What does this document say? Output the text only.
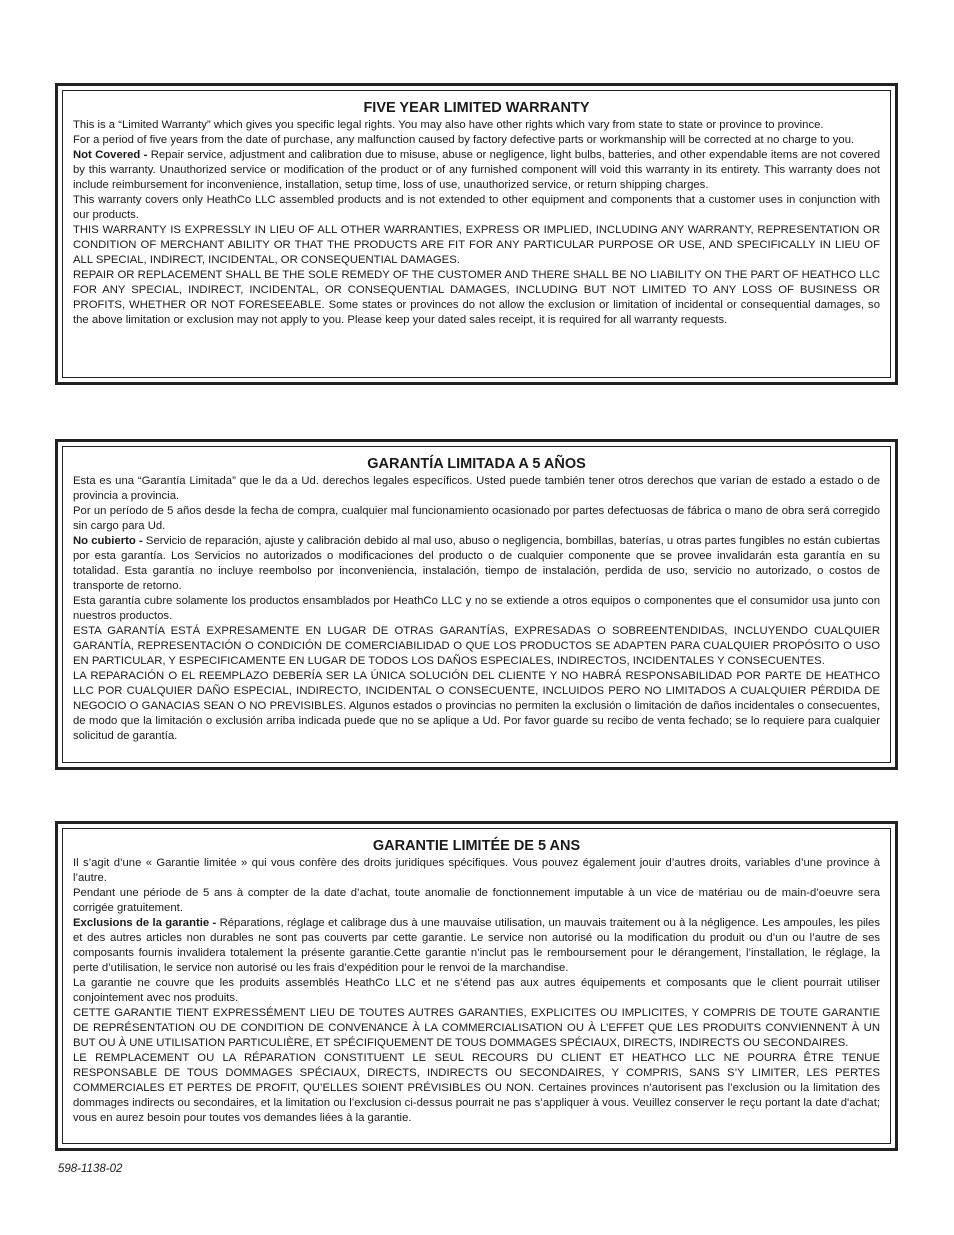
FIVE YEAR LIMITED WARRANTY

This is a “Limited Warranty” which gives you specific legal rights. You may also have other rights which vary from state to state or province to province.

For a period of five years from the date of purchase, any malfunction caused by factory defective parts or workmanship will be corrected at no charge to you.

Not Covered - Repair service, adjustment and calibration due to misuse, abuse or negligence, light bulbs, batteries, and other expendable items are not covered by this warranty. Unauthorized service or modification of the product or of any furnished component will void this warranty in its entirety. This warranty does not include reimbursement for inconvenience, installation, setup time, loss of use, unauthorized service, or return shipping charges.

This warranty covers only HeathCo LLC assembled products and is not extended to other equipment and components that a customer uses in conjunction with our products.

THIS WARRANTY IS EXPRESSLY IN LIEU OF ALL OTHER WARRANTIES, EXPRESS OR IMPLIED, INCLUDING ANY WARRANTY, REPRESENTATION OR CONDITION OF MERCHANT ABILITY OR THAT THE PRODUCTS ARE FIT FOR ANY PARTICULAR PURPOSE OR USE, AND SPECIFICALLY IN LIEU OF ALL SPECIAL, INDIRECT, INCIDENTAL, OR CONSEQUENTIAL DAMAGES.

REPAIR OR REPLACEMENT SHALL BE THE SOLE REMEDY OF THE CUSTOMER AND THERE SHALL BE NO LIABILITY ON THE PART OF HEATHCO LLC FOR ANY SPECIAL, INDIRECT, INCIDENTAL, OR CONSEQUENTIAL DAMAGES, INCLUDING BUT NOT LIMITED TO ANY LOSS OF BUSINESS OR PROFITS, WHETHER OR NOT FORESEEABLE. Some states or provinces do not allow the exclusion or limitation of incidental or consequential damages, so the above limitation or exclusion may not apply to you. Please keep your dated sales receipt, it is required for all warranty requests.

GARANTÍA LIMITADA A 5 AÑOS

Esta es una “Garantía Limitada” que le da a Ud. derechos legales específicos. Usted puede también tener otros derechos que varían de estado a estado o de provincia a provincia.

Por un período de 5 años desde la fecha de compra, cualquier mal funcionamiento ocasionado por partes defectuosas de fábrica o mano de obra será corregido sin cargo para Ud.

No cubierto - Servicio de reparación, ajuste y calibración debido al mal uso, abuso o negligencia, bombillas, baterías, u otras partes fungibles no están cubiertas por esta garantía. Los Servicios no autorizados o modificaciones del producto o de cualquier componente que se provee invalidarán esta garantía en su totalidad. Esta garantía no incluye reembolso por inconveniencia, instalación, tiempo de instalación, perdida de uso, servicio no autorizado, o costos de transporte de retorno.

Esta garantía cubre solamente los productos ensamblados por HeathCo LLC y no se extiende a otros equipos o componentes que el consumidor usa junto con nuestros productos.

ESTA GARANTÍA ESTÁ EXPRESAMENTE EN LUGAR DE OTRAS GARANTÍAS, EXPRESADAS O SOBREENTENDIDAS, INCLUYENDO CUALQUIER GARANTÍA, REPRESENTACIÓN O CONDICIÓN DE COMERCIABILIDAD O QUE LOS PRODUCTOS SE ADAPTEN PARA CUALQUIER PROPÓSITO O USO EN PARTICULAR, Y ESPECIFICAMENTE EN LUGAR DE TODOS LOS DAÑOS ESPECIALES, INDIRECTOS, INCIDENTALES Y CONSECUENTES.

LA REPARACIÓN O EL REEMPLAZO DEBERÍA SER LA ÚNICA SOLUCIÓN DEL CLIENTE Y NO HABRÁ RESPONSABILIDAD POR PARTE DE HEATHCO LLC POR CUALQUIER DAÑO ESPECIAL, INDIRECTO, INCIDENTAL O CONSECUENTE, INCLUIDOS PERO NO LIMITADOS A CUALQUIER PÉRDIDA DE NEGOCIO O GANACIAS SEAN O NO PREVISIBLES. Algunos estados o provincias no permiten la exclusión o limitación de daños incidentales o consecuentes, de modo que la limitación o exclusión arriba indicada puede que no se aplique a Ud. Por favor guarde su recibo de venta fechado; se lo requiere para cualquier solicitud de garantía.

GARANTIE LIMITÉE DE 5 ANS

Il s’agit d’une « Garantie limitée » qui vous confère des droits juridiques spécifiques. Vous pouvez également jouir d’autres droits, variables d’une province à l’autre.

Pendant une période de 5 ans à compter de la date d’achat, toute anomalie de fonctionnement imputable à un vice de matériau ou de main-d’oeuvre sera corrigée gratuitement.

Exclusions de la garantie - Réparations, réglage et calibrage dus à une mauvaise utilisation, un mauvais traitement ou à la négligence. Les ampoules, les piles et des autres articles non durables ne sont pas couverts par cette garantie. Le service non autorisé ou la modification du produit ou d’un ou l’autre de ses composants fournis invalidera totalement la présente garantie.Cette garantie n’inclut pas le remboursement pour le dérangement, l’installation, le réglage, la perte d’utilisation, le service non autorisé ou les frais d’expédition pour le renvoi de la marchandise.

La garantie ne couvre que les produits assemblés HeathCo LLC et ne s’étend pas aux autres équipements et composants que le client pourrait utiliser conjointement avec nos produits.

CETTE GARANTIE TIENT EXPRESSÉMENT LIEU DE TOUTES AUTRES GARANTIES, EXPLICITES OU IMPLICITES, Y COMPRIS DE TOUTE GARANTIE DE REPRÉSENTATION OU DE CONDITION DE CONVENANCE À LA COMMERCIALISATION OU À L’EFFET QUE LES PRODUITS CONVIENNENT À UN BUT OU À UNE UTILISATION PARTICULIÈRE, ET SPÉCIFIQUEMENT DE TOUS DOMMAGES SPÉCIAUX, DIRECTS, INDIRECTS OU SECONDAIRES.

LE REMPLACEMENT OU LA RÉPARATION CONSTITUENT LE SEUL RECOURS DU CLIENT ET HEATHCO LLC NE POURRA ÊTRE TENUE RESPONSABLE DE TOUS DOMMAGES SPÉCIAUX, DIRECTS, INDIRECTS OU SECONDAIRES, Y COMPRIS, SANS S’Y LIMITER, LES PERTES COMMERCIALES ET PERTES DE PROFIT, QU’ELLES SOIENT PRÉVISIBLES OU NON. Certaines provinces n’autorisent pas l’exclusion ou la limitation des dommages indirects ou secondaires, et la limitation ou l’exclusion ci-dessus pourrait ne pas s’appliquer à vous. Veuillez conserver le reçu portant la date d'achat; vous en aurez besoin pour toutes vos demandes liées à la garantie.

598-1138-02
